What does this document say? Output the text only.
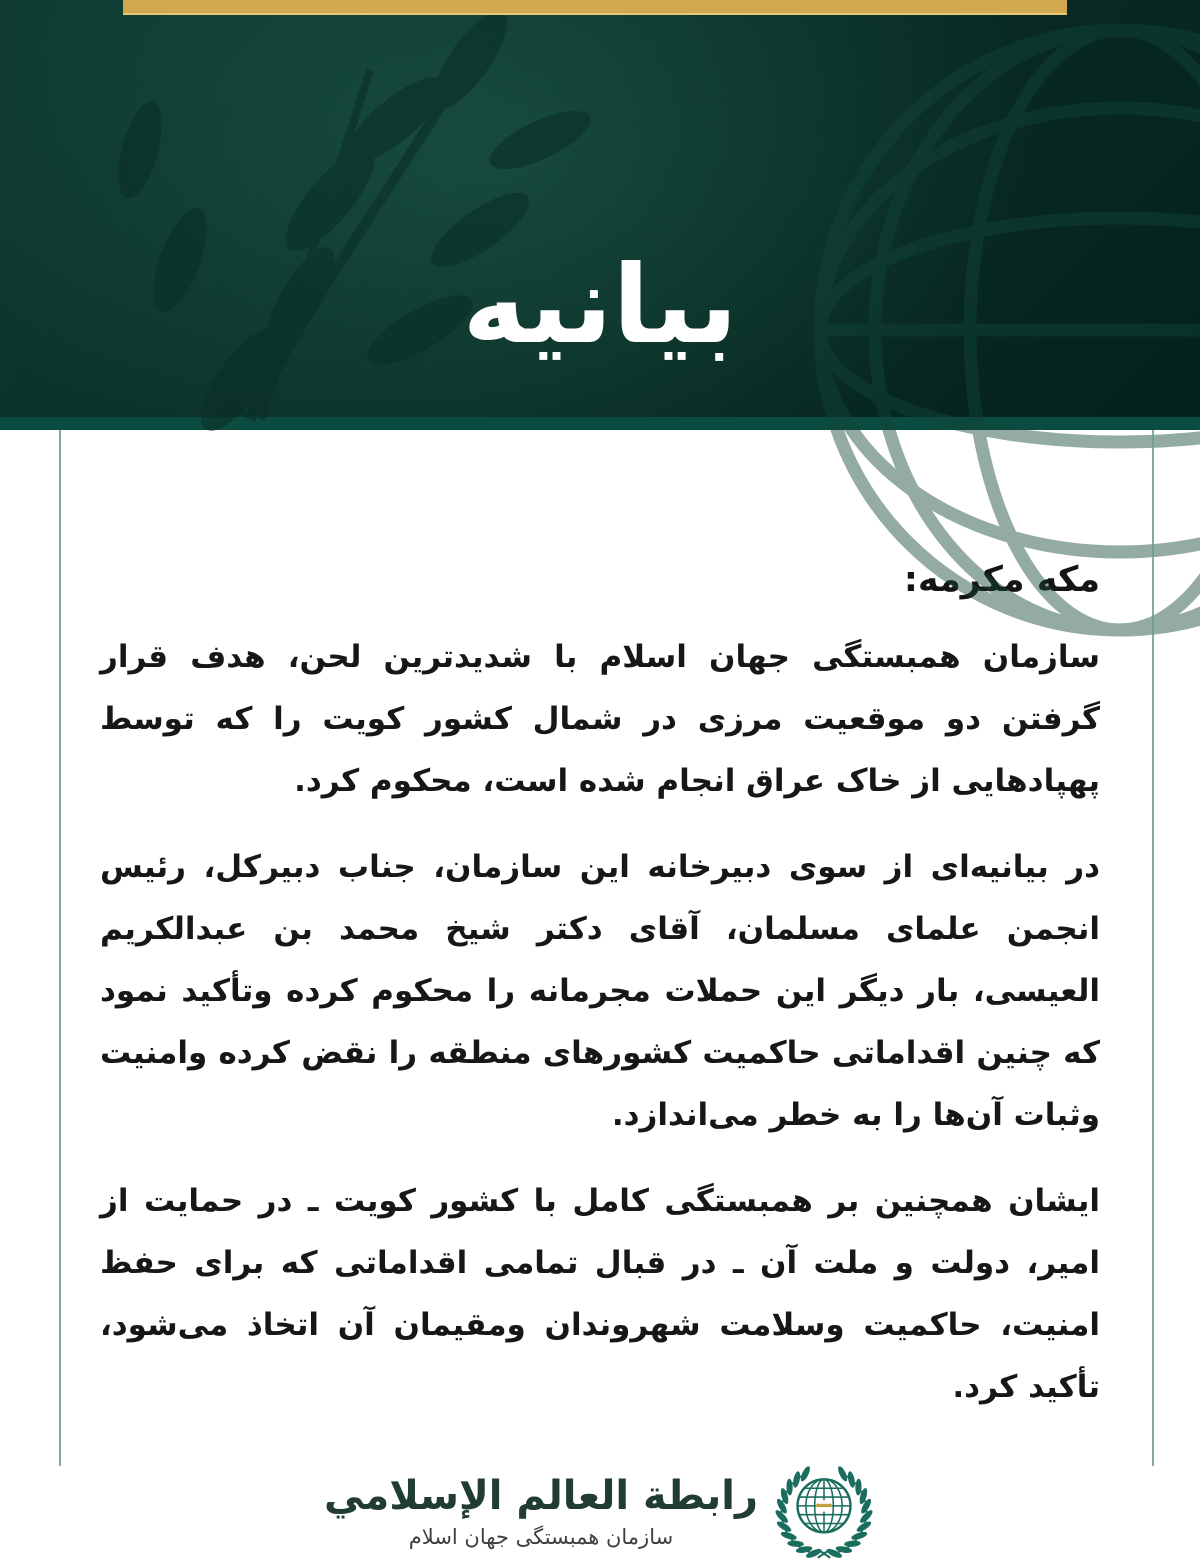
بیانیه
مکه مکرمه:

سازمان همبستگی جهان اسلام با شدیدترین لحن، هدف قرار گرفتن دو موقعیت مرزی در شمال کشور کویت را که توسط پهپادهایی از خاک عراق انجام شده است، محکوم کرد.

در بیانیه‌ای از سوی دبیرخانه این سازمان، جناب دبیرکل، رئیس انجمن علمای مسلمان، آقای دکتر شیخ محمد بن عبدالکریم العیسی، بار دیگر این حملات مجرمانه را محکوم کرده وتأکید نمود که چنین اقداماتی حاکمیت کشورهای منطقه را نقض کرده وامنیت وثبات آن‌ها را به خطر می‌اندازد.

ایشان همچنین بر همبستگی کامل با کشور کویت ـ در حمایت از امیر، دولت و ملت آن ـ در قبال تمامی اقداماتی که برای حفظ امنیت، حاکمیت وسلامت شهروندان ومقیمان آن اتخاذ می‌شود، تأکید کرد.

رابطة العالم الإسلامي
سازمان همبستگی جهان اسلام
